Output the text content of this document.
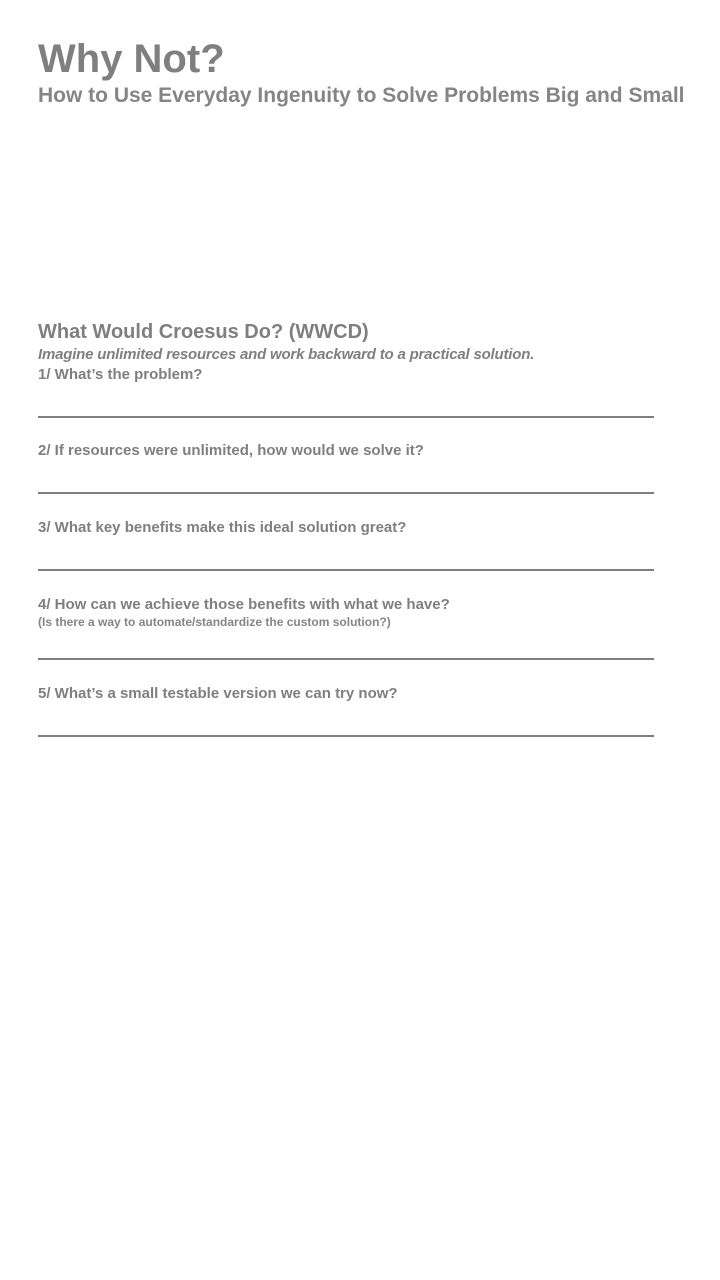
Why Not?
How to Use Everyday Ingenuity to Solve Problems Big and Small
What Would Croesus Do? (WWCD)

Imagine unlimited resources and work backward to a practical solution.

1/ What’s the problem?

2/ If resources were unlimited, how would we solve it?

3/ What key benefits make this ideal solution great?

4/ How can we achieve those benefits with what we have?

(Is there a way to automate/standardize the custom solution?)

5/ What’s a small testable version we can try now?
